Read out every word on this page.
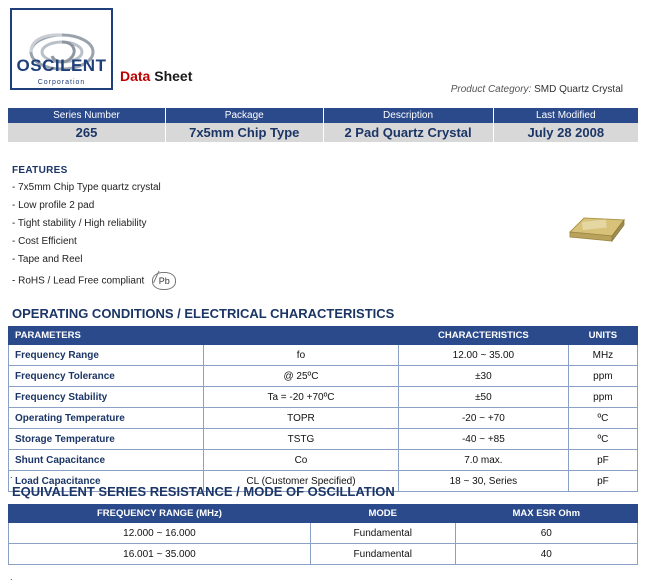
OSCILENT
Corporation	Data Sheet
Product Category: SMD Quartz Crystal
Series Number	Package	Description	Last Modified
265	7x5mm Chip Type	2 Pad Quartz Crystal	July 28 2008
FEATURES
- 7x5mm Chip Type quartz crystal
- Low profile 2 pad
- Tight stability / High reliability
- Cost Efficient
- Tape and Reel
- RoHS / Lead Free compliant Pb
OPERATING CONDITIONS / ELECTRICAL CHARACTERISTICS
PARAMETERS		CHARACTERISTICS	UNITS
Frequency Range	fo	12.00 ~ 35.00	MHz
Frequency Tolerance	@ 25ºC	±30	ppm
Frequency Stability	Ta = -20 +70ºC	±50	ppm
Operating Temperature	TOPR	-20 ~ +70	ºC
Storage Temperature	TSTG	-40 ~ +85	ºC
Shunt Capacitance	Co	7.0 max.	pF
Load Capacitance	CL (Customer Specified)	18 ~ 30, Series	pF
.
EQUIVALENT SERIES RESISTANCE / MODE OF OSCILLATION
FREQUENCY RANGE (MHz)	MODE	MAX ESR Ohm
12.000 ~ 16.000	Fundamental	60
16.001 ~ 35.000	Fundamental	40
.
